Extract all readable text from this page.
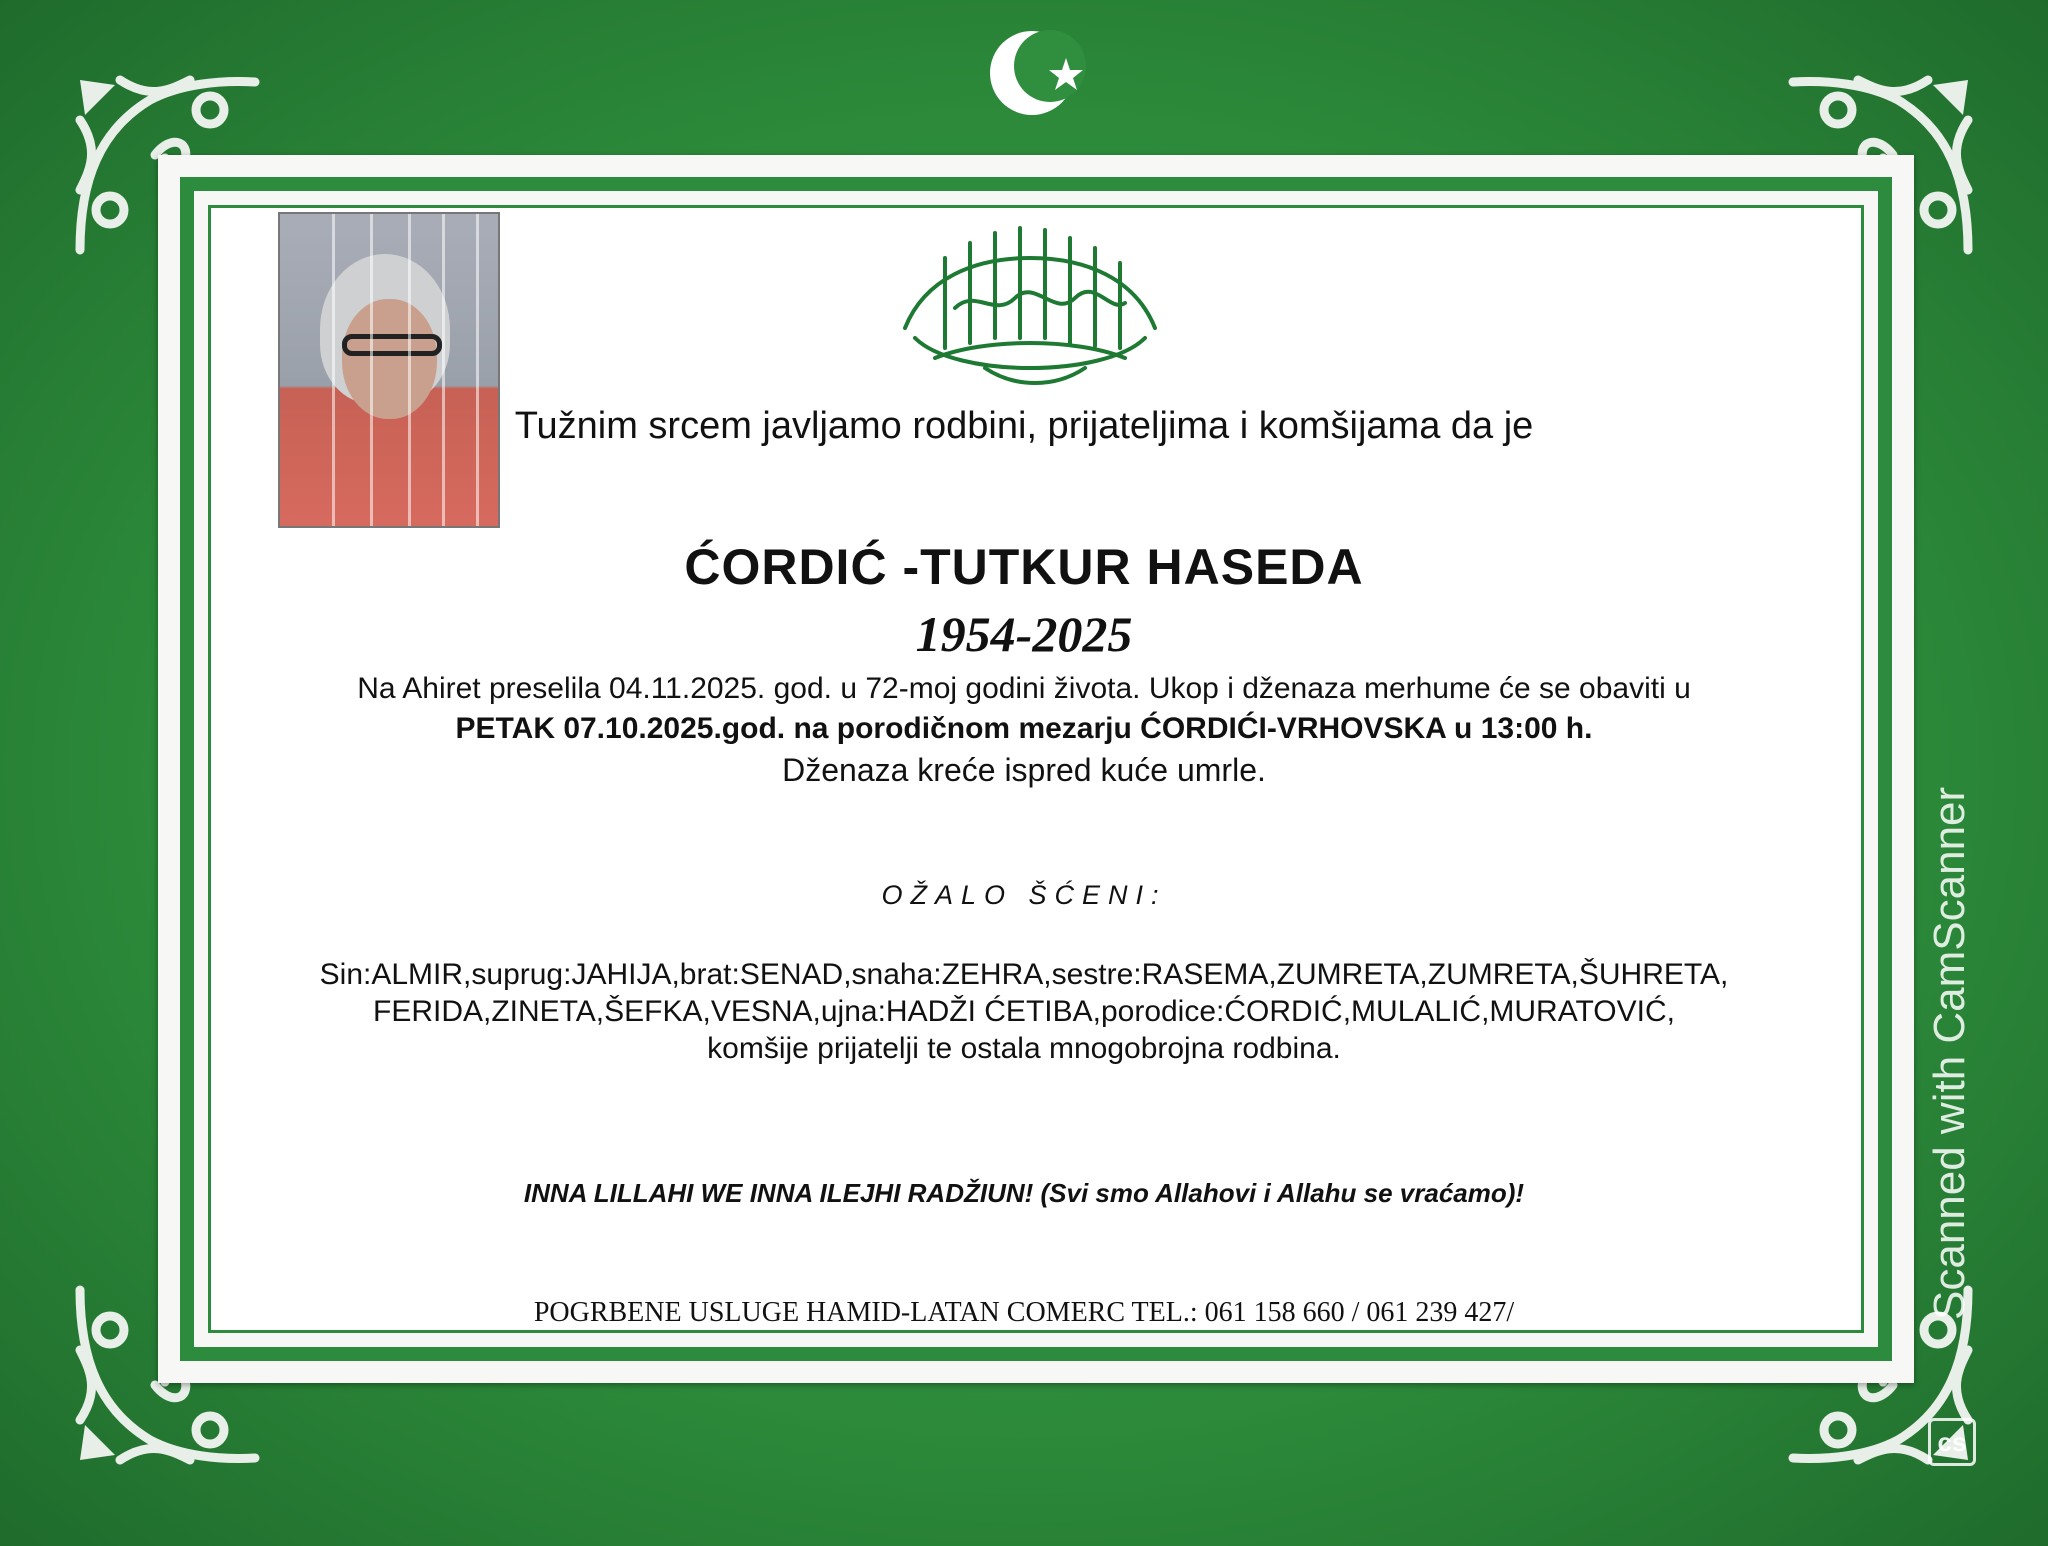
Tužnim srcem javljamo rodbini, prijateljima i komšijama da je
ĆORDIĆ -TUTKUR HASEDA
1954-2025
Na Ahiret preselila 04.11.2025. god. u 72-moj godini života. Ukop i dženaza merhume će se obaviti u
PETAK 07.10.2025.god. na porodičnom mezarju ĆORDIĆI-VRHOVSKA u 13:00 h.
Dženaza kreće ispred kuće umrle.
OŽALO ŠĆENI:
Sin:ALMIR,suprug:JAHIJA,brat:SENAD,snaha:ZEHRA,sestre:RASEMA,ZUMRETA,ZUMRETA,ŠUHRETA,
FERIDA,ZINETA,ŠEFKA,VESNA,ujna:HADŽI ĆETIBA,porodice:ĆORDIĆ,MULALIĆ,MURATOVIĆ,
komšije prijatelji te ostala mnogobrojna rodbina.
INNA LILLAHI WE INNA ILEJHI RADŽIUN! (Svi smo Allahovi i Allahu se vraćamo)!
POGRBENE USLUGE HAMID-LATAN COMERC TEL.: 061 158 660 / 061 239 427/	Scanned with CamScanner
cs
